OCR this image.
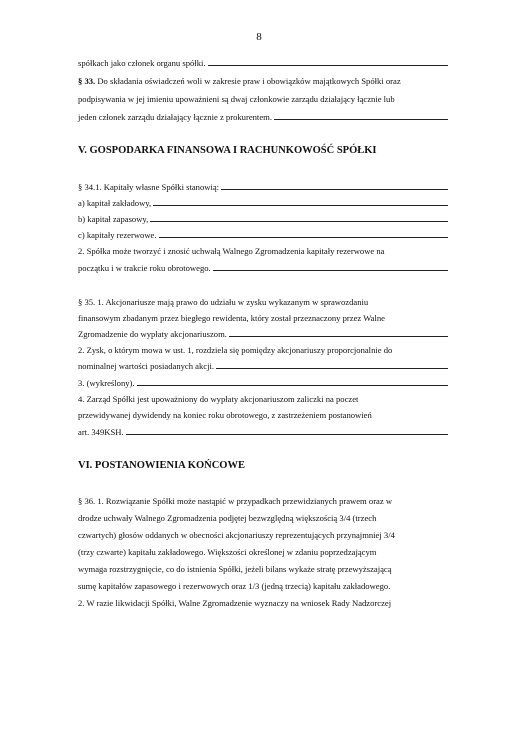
8
spółkach jako członek organu spółki.
§ 33. Do składania oświadczeń woli w zakresie praw i obowiązków majątkowych Spółki oraz
podpisywania w jej imieniu upoważnieni są dwaj członkowie zarządu działający łącznie lub
jeden członek zarządu działający łącznie z prokurentem.
V. GOSPODARKA FINANSOWA I RACHUNKOWOŚĆ SPÓŁKI
§ 34.1. Kapitały własne Spółki stanowią:
a) kapitał zakładowy,
b) kapitał zapasowy,
c) kapitały rezerwowe.
2. Spółka może tworzyć i znosić uchwałą Walnego Zgromadzenia kapitały rezerwowe na
początku i w trakcie roku obrotowego.
§ 35. 1. Akcjonariusze mają prawo do udziału w zysku wykazanym w sprawozdaniu
finansowym zbadanym przez biegłego rewidenta, który został przeznaczony przez Walne
Zgromadzenie do wypłaty akcjonariuszom.
2. Zysk, o którym mowa w ust. 1, rozdziela się pomiędzy akcjonariuszy proporcjonalnie do
nominalnej wartości posiadanych akcji.
3. (wykreślony).
4. Zarząd Spółki jest upoważniony do wypłaty akcjonariuszom zaliczki na poczet
przewidywanej dywidendy na koniec roku obrotowego, z zastrzeżeniem postanowień
art. 349KSH.
VI. POSTANOWIENIA KOŃCOWE
§ 36. 1. Rozwiązanie Spółki może nastąpić w przypadkach przewidzianych prawem oraz w
drodze uchwały Walnego Zgromadzenia podjętej bezwzględną większością 3/4 (trzech
czwartych) głosów oddanych w obecności akcjonariuszy reprezentujących przynajmniej 3/4
(trzy czwarte) kapitału zakładowego. Większości określonej w zdaniu poprzedzającym
wymaga rozstrzygnięcie, co do istnienia Spółki, jeżeli bilans wykaże stratę przewyższającą
sumę kapitałów zapasowego i rezerwowych oraz 1/3 (jedną trzecią) kapitału zakładowego.
2. W razie likwidacji Spółki, Walne Zgromadzenie wyznaczy na wniosek Rady Nadzorczej
